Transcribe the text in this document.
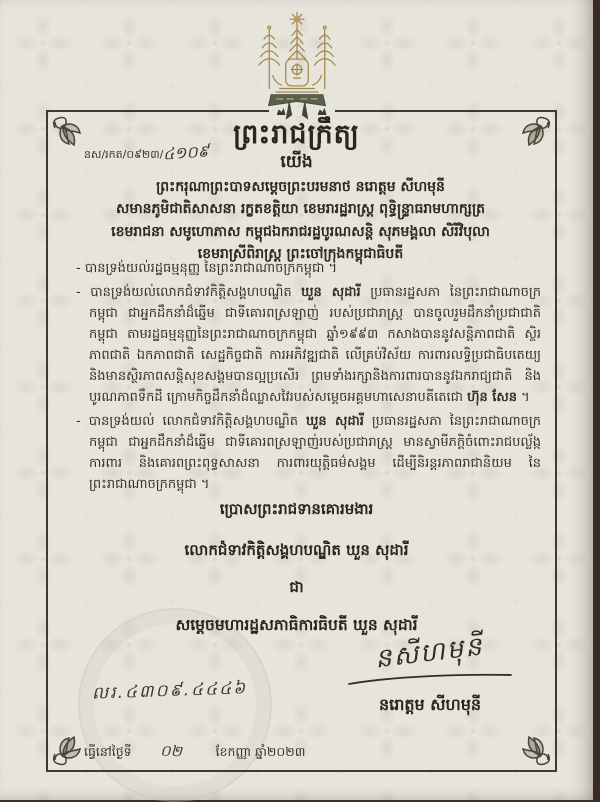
ព្រះរាជក្រឹត្យ
នស/រកត/០៩២៣/៤១០៩	យើង
ព្រះករុណាព្រះបាទសម្តេចព្រះបរមនាថ នរោត្តម សីហមុនី
សមានភូមិជាតិសាសនា រក្ខតខត្តិយា ខេមរារដ្ឋរាស្ត្រ ពុទ្ធិន្ទ្រាធរាមហាក្សត្រ
ខេមរាជនា សមូហោភាស កម្ពុជឯករាជរដ្ឋបូរណសន្តិ សុភមង្គលា សិរីវិបុលា
ខេមរាស្រីពិរាស្ត្រ ព្រះចៅក្រុងកម្ពុជាធិបតី

- បានទ្រង់យល់រដ្ឋធម្មនុញ្ញ នៃព្រះរាជាណាចក្រកម្ពុជា ។

- បានទ្រង់យល់លោកជំទាវកិត្តិសង្គហបណ្ឌិត ឃួន សុដារី ប្រធានរដ្ឋសភា នៃព្រះរាជាណាចក្រកម្ពុជា ជាអ្នកដឹកនាំដ៏ឆ្នើម ជាទីគោរពស្រឡាញ់ របស់ប្រជារាស្ត្រ បានចូលរួមដឹកនាំប្រជាជាតិកម្ពុជា តាមរដ្ឋធម្មនុញ្ញនៃព្រះរាជាណាចក្រកម្ពុជា ឆ្នាំ១៩៩៣ កសាងបាននូវសន្តិភាពជាតិ ស្ថិរភាពជាតិ ឯកភាពជាតិ សេដ្ឋកិច្ចជាតិ ការអភិវឌ្ឍជាតិ លើគ្រប់វិស័យ ការពារលទ្ធិប្រជាធិបតេយ្យ និងមានស្ថិរភាពសន្តិសុខសង្គមបានល្អប្រសើរ ព្រមទាំងរក្សានិងការពារបាននូវឯករាជ្យជាតិ និងបូរណភាពទឹកដី ក្រោមកិច្ចដឹកនាំដ៏ឈ្លាសវៃរបស់សម្តេចអគ្គមហាសេនាបតីតេជោ ហ៊ុន សែន ។

- បានទ្រង់យល់ លោកជំទាវកិត្តិសង្គហបណ្ឌិត ឃួន សុដារី ប្រធានរដ្ឋសភា នៃព្រះរាជាណាចក្រកម្ពុជា ជាអ្នកដឹកនាំដ៏ឆ្នើម ជាទីគោរពស្រឡាញ់របស់ប្រជារាស្ត្រ មានស្វាមីភក្តិចំពោះរាជបល្ល័ង្ក ការពារ និងគោរពព្រះពុទ្ធសាសនា ការពារយុត្តិធម៌សង្គម ដើម្បីនិរន្តរភាពរាជានិយម នៃព្រះរាជាណាចក្រកម្ពុជា ។

ប្រោសព្រះរាជទានគោរមងារ
លោកជំទាវកិត្តិសង្គហបណ្ឌិត ឃួន សុដារី
ជា
សម្តេចមហារដ្ឋសភាធិការធិបតី ឃួន សុដារី
នសីហមុនី
នរោត្តម សីហមុនី
លរ.៤៣០៩.៤៤៤៦
ធ្វើនៅថ្ងៃទី ០២	ខែកញ្ញា ឆ្នាំ២០២៣
